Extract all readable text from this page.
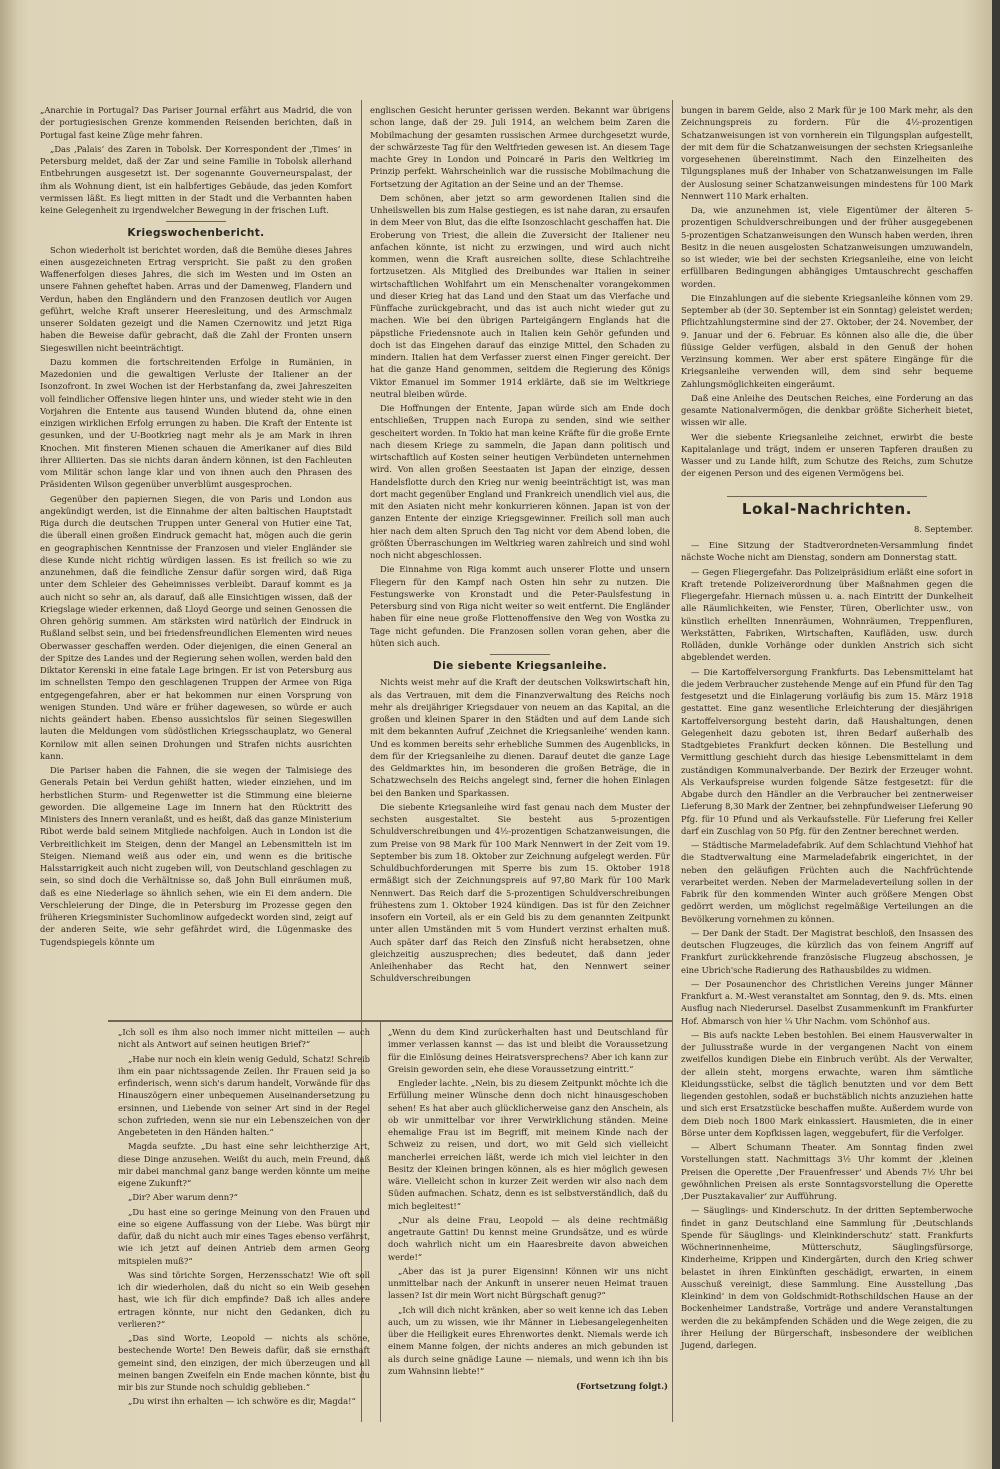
„Anarchie in Portugal? Das Pariser Journal erfährt aus Madrid, die von der portugiesischen Grenze kommenden Reisenden berichten, daß in Portugal fast keine Züge mehr fahren.

„Das ‚Palais‘ des Zaren in Tobolsk. Der Korrespondent der ‚Times‘ in Petersburg meldet, daß der Zar und seine Familie in Tobolsk allerhand Entbehrungen ausgesetzt ist. Der sogenannte Gouverneurspalast, der ihm als Wohnung dient, ist ein halbfertiges Gebäude, das jeden Komfort vermissen läßt. Es liegt mitten in der Stadt und die Verbannten haben keine Gelegenheit zu irgendwelcher Bewegung in der frischen Luft.

Kriegswochenbericht.

Schon wiederholt ist berichtet worden, daß die Bemühe dieses Jahres einen ausgezeichneten Ertrag verspricht. Sie paßt zu den großen Waffenerfolgen dieses Jahres, die sich im Westen und im Osten an unsere Fahnen geheftet haben. Arras und der Damenweg, Flandern und Verdun, haben den Engländern und den Franzosen deutlich vor Augen geführt, welche Kraft unserer Heeresleitung, und des Armschmalz unserer Soldaten gezeigt und die Namen Czernowitz und jetzt Riga haben die Beweise dafür gebracht, daß die Zahl der Fronten unsern Siegeswillen nicht beeinträchtigt.

Dazu kommen die fortschreitenden Erfolge in Rumänien, in Mazedonien und die gewaltigen Verluste der Italiener an der Isonzofront. In zwei Wochen ist der Herbstanfang da, zwei Jahreszeiten voll feindlicher Offensive liegen hinter uns, und wieder steht wie in den Vorjahren die Entente aus tausend Wunden blutend da, ohne einen einzigen wirklichen Erfolg errungen zu haben. Die Kraft der Entente ist gesunken, und der U-Bootkrieg nagt mehr als je am Mark in ihren Knochen. Mit finsteren Mienen schauen die Amerikaner auf dies Bild ihrer Alliierten. Das sie nichts daran ändern können, ist den Fachleuten vom Militär schon lange klar und von ihnen auch den Phrasen des Präsidenten Wilson gegenüber unverblümt ausgesprochen.

Gegenüber den papiernen Siegen, die von Paris und London aus angekündigt werden, ist die Einnahme der alten baltischen Hauptstadt Riga durch die deutschen Truppen unter General von Hutier eine Tat, die überall einen großen Eindruck gemacht hat, mögen auch die gerin en geographischen Kenntnisse der Franzosen und vieler Engländer sie diese Kunde nicht richtig würdigen lassen. Es ist freilich so wie zu anzunehmen, daß die feindliche Zensur dafür sorgen wird, daß Riga unter dem Schleier des Geheimnisses verbleibt. Darauf kommt es ja auch nicht so sehr an, als darauf, daß alle Einsichtigen wissen, daß der Kriegslage wieder erkennen, daß Lloyd George und seinen Genossen die Ohren gehörig summen. Am stärksten wird natürlich der Eindruck in Rußland selbst sein, und bei friedensfreundlichen Elementen wird neues Oberwasser geschaffen werden. Oder diejenigen, die einen General an der Spitze des Landes und der Regierung sehen wollen, werden bald den Diktator Kerenski in eine fatale Lage bringen. Er ist von Petersburg aus im schnellsten Tempo den geschlagenen Truppen der Armee von Riga entgegengefahren, aber er hat bekommen nur einen Vorsprung von wenigen Stunden. Und wäre er früher dagewesen, so würde er auch nichts geändert haben. Ebenso aussichtslos für seinen Siegeswillen lauten die Meldungen vom südöstlichen Kriegsschauplatz, wo General Kornilow mit allen seinen Drohungen und Strafen nichts ausrichten kann.

Die Pariser haben die Fahnen, die sie wegen der Talmisiege des Generals Petain bei Verdun gehißt hatten, wieder einziehen, und im herbstlichen Sturm- und Regenwetter ist die Stimmung eine bleierne geworden. Die allgemeine Lage im Innern hat den Rücktritt des Ministers des Innern veranlaßt, und es heißt, daß das ganze Ministerium Ribot werde bald seinem Mitgliede nachfolgen. Auch in London ist die Verbreitlichkeit im Steigen, denn der Mangel an Lebensmitteln ist im Steigen. Niemand weiß aus oder ein, und wenn es die britische Halsstarrigkeit auch nicht zugeben will, von Deutschland geschlagen zu sein, so sind doch die Verhältnisse so, daß John Bull einräumen muß, daß es eine Niederlage so ähnlich sehen, wie ein Ei dem andern. Die Verschleierung der Dinge, die in Petersburg im Prozesse gegen den früheren Kriegsminister Suchomlinow aufgedeckt worden sind, zeigt auf der anderen Seite, wie sehr gefährdet wird, die Lügenmaske des Tugendspiegels könnte um

englischen Gesicht herunter gerissen werden. Bekannt war übrigens schon lange, daß der 29. Juli 1914, an welchem beim Zaren die Mobilmachung der gesamten russischen Armee durchgesetzt wurde, der schwärzeste Tag für den Weltfrieden gewesen ist. An diesem Tage machte Grey in London und Poincaré in Paris den Weltkrieg im Prinzip perfekt. Wahrscheinlich war die russische Mobilmachung die Fortsetzung der Agitation an der Seine und an der Themse.

Dem schönen, aber jetzt so arm gewordenen Italien sind die Unheilswellen bis zum Halse gestiegen, es ist nahe daran, zu ersaufen in dem Meer von Blut, das die elfte Isonzoschlacht geschaffen hat. Die Eroberung von Triest, die allein die Zuversicht der Italiener neu anfachen könnte, ist nicht zu erzwingen, und wird auch nicht kommen, wenn die Kraft ausreichen sollte, diese Schlachtreihe fortzusetzen. Als Mitglied des Dreibundes war Italien in seiner wirtschaftlichen Wohlfahrt um ein Menschenalter vorangekommen und dieser Krieg hat das Land und den Staat um das Vierfache und Fünffache zurückgebracht, und das ist auch nicht wieder gut zu machen. Wie bei den übrigen Parteigängern Englands hat die päpstliche Friedensnote auch in Italien kein Gehör gefunden und doch ist das Eingehen darauf das einzige Mittel, den Schaden zu mindern. Italien hat dem Verfasser zuerst einen Finger gereicht. Der hat die ganze Hand genommen, seitdem die Regierung des Königs Viktor Emanuel im Sommer 1914 erklärte, daß sie im Weltkriege neutral bleiben würde.

Die Hoffnungen der Entente, Japan würde sich am Ende doch entschließen, Truppen nach Europa zu senden, sind wie seither gescheitert worden. In Tokio hat man keine Kräfte für die große Ernte nach diesem Kriege zu sammeln, die Japan dann politisch und wirtschaftlich auf Kosten seiner heutigen Verbündeten unternehmen wird. Von allen großen Seestaaten ist Japan der einzige, dessen Handelsflotte durch den Krieg nur wenig beeinträchtigt ist, was man dort macht gegenüber England und Frankreich unendlich viel aus, die mit den Asiaten nicht mehr konkurrieren können. Japan ist von der ganzen Entente der einzige Kriegsgewinner. Freilich soll man auch hier nach dem alten Spruch den Tag nicht vor dem Abend loben, die größten Überraschungen im Weltkrieg waren zahlreich und sind wohl noch nicht abgeschlossen.

Die Einnahme von Riga kommt auch unserer Flotte und unsern Fliegern für den Kampf nach Osten hin sehr zu nutzen. Die Festungswerke von Kronstadt und die Peter-Paulsfestung in Petersburg sind von Riga nicht weiter so weit entfernt. Die Engländer haben für eine neue große Flottenoffensive den Weg von Wostka zu Tage nicht gefunden. Die Franzosen sollen voran gehen, aber die hüten sich auch.

Die siebente Kriegsanleihe.

Nichts weist mehr auf die Kraft der deutschen Volkswirtschaft hin, als das Vertrauen, mit dem die Finanzverwaltung des Reichs noch mehr als dreijähriger Kriegsdauer von neuem an das Kapital, an die großen und kleinen Sparer in den Städten und auf dem Lande sich mit dem bekannten Aufruf ‚Zeichnet die Kriegsanleihe‘ wenden kann. Und es kommen bereits sehr erhebliche Summen des Augenblicks, in dem für der Kriegsanleihe zu dienen. Darauf deutet die ganze Lage des Geldmarktes hin, im besonderen die großen Beträge, die in Schatzwechseln des Reichs angelegt sind, ferner die hohen Einlagen bei den Banken und Sparkassen.

Die siebente Kriegsanleihe wird fast genau nach dem Muster der sechsten ausgestaltet. Sie besteht aus 5-prozentigen Schuldverschreibungen und 4½-prozentigen Schatzanweisungen, die zum Preise von 98 Mark für 100 Mark Nennwert in der Zeit vom 19. September bis zum 18. Oktober zur Zeichnung aufgelegt werden. Für Schuldbuchforderungen mit Sperre bis zum 15. Oktober 1918 ermäßigt sich der Zeichnungspreis auf 97,80 Mark für 100 Mark Nennwert. Das Reich darf die 5-prozentigen Schuldverschreibungen frühestens zum 1. Oktober 1924 kündigen. Das ist für den Zeichner insofern ein Vorteil, als er ein Geld bis zu dem genannten Zeitpunkt unter allen Umständen mit 5 vom Hundert verzinst erhalten muß. Auch später darf das Reich den Zinsfuß nicht herabsetzen, ohne gleichzeitig auszusprechen; dies bedeutet, daß dann jeder Anleihenhaber das Recht hat, den Nennwert seiner Schuldverschreibungen

bungen in barem Gelde, also 2 Mark für je 100 Mark mehr, als den Zeichnungspreis zu fordern. Für die 4½-prozentigen Schatzanweisungen ist von vornherein ein Tilgungsplan aufgestellt, der mit dem für die Schatzanweisungen der sechsten Kriegsanleihe vorgesehenen übereinstimmt. Nach den Einzelheiten des Tilgungsplanes muß der Inhaber von Schatzanweisungen im Falle der Auslosung seiner Schatzanweisungen mindestens für 100 Mark Nennwert 110 Mark erhalten.

Da, wie anzunehmen ist, viele Eigentümer der älteren 5-prozentigen Schuldverschreibungen und der früher ausgegebenen 5-prozentigen Schatzanweisungen den Wunsch haben werden, ihren Besitz in die neuen ausgelosten Schatzanweisungen umzuwandeln, so ist wieder, wie bei der sechsten Kriegsanleihe, eine von leicht erfüllbaren Bedingungen abhängiges Umtauschrecht geschaffen worden.

Die Einzahlungen auf die siebente Kriegsanleihe können vom 29. September ab (der 30. September ist ein Sonntag) geleistet werden; Pflichtzahlungstermine sind der 27. Oktober, der 24. November, der 9. Januar und der 6. Februar. Es können also alle die, die über flüssige Gelder verfügen, alsbald in den Genuß der hohen Verzinsung kommen. Wer aber erst spätere Eingänge für die Kriegsanleihe verwenden will, dem sind sehr bequeme Zahlungsmöglichkeiten eingeräumt.

Daß eine Anleihe des Deutschen Reiches, eine Forderung an das gesamte Nationalvermögen, die denkbar größte Sicherheit bietet, wissen wir alle.

Wer die siebente Kriegsanleihe zeichnet, erwirbt die beste Kapitalanlage und trägt, indem er unseren Tapferen draußen zu Wasser und zu Lande hilft, zum Schutze des Reichs, zum Schutze der eigenen Person und des eigenen Vermögens bei.

Lokal-Nachrichten.
8. September.

— Eine Sitzung der Stadtverordneten-Versammlung findet nächste Woche nicht am Dienstag, sondern am Donnerstag statt.

— Gegen Fliegergefahr. Das Polizeipräsidium erläßt eine sofort in Kraft tretende Polizeiverordnung über Maßnahmen gegen die Fliegergefahr. Hiernach müssen u. a. nach Eintritt der Dunkelheit alle Räumlichkeiten, wie Fenster, Türen, Oberlichter usw., von künstlich erhellten Innenräumen, Wohnräumen, Treppenfluren, Werkstätten, Fabriken, Wirtschaften, Kaufläden, usw. durch Rolläden, dunkle Vorhänge oder dunklen Anstrich sich sicht abgeblendet werden.

— Die Kartoffelversorgung Frankfurts. Das Lebensmittelamt hat die jedem Verbraucher zustehende Menge auf ein Pfund für den Tag festgesetzt und die Einlagerung vorläufig bis zum 15. März 1918 gestattet. Eine ganz wesentliche Erleichterung der diesjährigen Kartoffelversorgung besteht darin, daß Haushaltungen, denen Gelegenheit dazu geboten ist, ihren Bedarf außerhalb des Stadtgebietes Frankfurt decken können. Die Bestellung und Vermittlung geschieht durch das hiesige Lebensmittelamt in dem zuständigen Kommunalverbande. Der Bezirk der Erzeuger wohnt. Als Verkaufspreise wurden folgende Sätze festgesetzt: für die Abgabe durch den Händler an die Verbraucher bei zentnerweiser Lieferung 8,30 Mark der Zentner, bei zehnpfundweiser Lieferung 90 Pfg. für 10 Pfund und als Verkaufsstelle. Für Lieferung frei Keller darf ein Zuschlag von 50 Pfg. für den Zentner berechnet werden.

— Städtische Marmeladefabrik. Auf dem Schlachtund Viehhof hat die Stadtverwaltung eine Marmeladefabrik eingerichtet, in der neben den geläufigen Früchten auch die Nachfrüchtende verarbeitet werden. Neben der Marmeladeverteilung sollen in der Fabrik für den kommenden Winter auch größere Mengen Obst gedörrt werden, um möglichst regelmäßige Verteilungen an die Bevölkerung vornehmen zu können.

— Der Dank der Stadt. Der Magistrat beschloß, den Insassen des deutschen Flugzeuges, die kürzlich das von feinem Angriff auf Frankfurt zurückkehrende französische Flugzeug abschossen, je eine Ubrich'sche Radierung des Rathausbildes zu widmen.

— Der Posaunenchor des Christlichen Vereins junger Männer Frankfurt a. M.-West veranstaltet am Sonntag, den 9. ds. Mts. einen Ausflug nach Niederursel. Daselbst Zusammenkunft im Frankfurter Hof. Abmarsch von hier ¼ Uhr Nachm. vom Schönhof aus.

— Bis aufs nackte Leben bestohlen. Bei einem Hausverwalter in der Juliusstraße wurde in der vergangenen Nacht von einem zweifellos kundigen Diebe ein Einbruch verübt. Als der Verwalter, der allein steht, morgens erwachte, waren ihm sämtliche Kleidungsstücke, selbst die täglich benutzten und vor dem Bett liegenden gestohlen, sodaß er buchstäblich nichts anzuziehen hatte und sich erst Ersatzstücke beschaffen mußte. Außerdem wurde von dem Dieb noch 1800 Mark einkassiert. Hausmieten, die in einer Börse unter dem Kopfkissen lagen, weggebufert, für die Verfolger.

— Albert Schumann Theater. Am Sonntag finden zwei Vorstellungen statt. Nachmittags 3½ Uhr kommt der ‚kleinen Preisen die Operette ‚Der Frauenfresser‘ und Abends 7½ Uhr bei gewöhnlichen Preisen als erste Sonntagsvorstellung die Operette ‚Der Pusztakavalier‘ zur Aufführung.

— Säuglings- und Kinderschutz. In der dritten Septemberwoche findet in ganz Deutschland eine Sammlung für ‚Deutschlands Spende für Säuglings- und Kleinkinderschutz‘ statt. Frankfurts Wöchnerinnenheime, Mütterschutz, Säuglingsfürsorge, Kinderheime, Krippen und Kindergärten, durch den Krieg schwer belastet in ihren Einkünften geschädigt, erwarten, in einem Ausschuß vereinigt, diese Sammlung. Eine Ausstellung ‚Das Kleinkind‘ in dem von Goldschmidt-Rothschildschen Hause an der Bockenheimer Landstraße, Vorträge und andere Veranstaltungen werden die zu bekämpfenden Schäden und die Wege zeigen, die zu ihrer Heilung der Bürgerschaft, insbesondere der weiblichen Jugend, darlegen.

„Ich soll es ihm also noch immer nicht mitteilen — auch nicht als Antwort auf seinen heutigen Brief?“

„Habe nur noch ein klein wenig Geduld, Schatz! Schreib ihm ein paar nichtssagende Zeilen. Ihr Frauen seid ja so erfinderisch, wenn sich's darum handelt, Vorwände für das Hinauszögern einer unbequemen Auseinandersetzung zu ersinnen, und Liebende von seiner Art sind in der Regel schon zufrieden, wenn sie nur ein Lebenszeichen von der Angebeteten in den Händen halten.“

Magda seufzte. „Du hast eine sehr leichtherzige Art, diese Dinge anzusehen. Weißt du auch, mein Freund, daß mir dabei manchmal ganz bange werden könnte um meine eigene Zukunft?“

„Dir? Aber warum denn?“

„Du hast eine so geringe Meinung von den Frauen und eine so eigene Auffassung von der Liebe. Was bürgt mir dafür, daß du nicht auch mir eines Tages ebenso verfährst, wie ich jetzt auf deinen Antrieb dem armen Georg mitspielen muß?“

Was sind törichte Sorgen, Herzensschatz! Wie oft soll ich dir wiederholen, daß du nicht so ein Weib gesehen hast, wie ich für dich empfinde? Daß ich alles andere ertragen könnte, nur nicht den Gedanken, dich zu verlieren?“

„Das sind Worte, Leopold — nichts als schöne, bestechende Worte! Den Beweis dafür, daß sie ernsthaft gemeint sind, den einzigen, der mich überzeugen und all meinen bangen Zweifeln ein Ende machen könnte, bist du mir bis zur Stunde noch schuldig geblieben.“

„Du wirst ihn erhalten — ich schwöre es dir, Magda!“

„Wenn du dem Kind zurückerhalten hast und Deutschland für immer verlassen kannst — das ist und bleibt die Voraussetzung für die Einlösung deines Heiratsversprechens? Aber ich kann zur Greisin geworden sein, ehe diese Voraussetzung eintritt.“

Engleder lachte. „Nein, bis zu diesem Zeitpunkt möchte ich die Erfüllung meiner Wünsche denn doch nicht hinausgeschoben sehen! Es hat aber auch glücklicherweise ganz den Anschein, als ob wir unmittelbar vor ihrer Verwirklichung ständen. Meine ehemalige Frau ist im Begriff, mit meinem Kinde nach der Schweiz zu reisen, und dort, wo mit Geld sich vielleicht mancherlei erreichen läßt, werde ich mich viel leichter in den Besitz der Kleinen bringen können, als es hier möglich gewesen wäre. Vielleicht schon in kurzer Zeit werden wir also nach dem Süden aufmachen. Schatz, denn es ist selbstverständlich, daß du mich begleitest!“

„Nur als deine Frau, Leopold — als deine rechtmäßig angetraute Gattin! Du kennst meine Grundsätze, und es würde doch wahrlich nicht um ein Haaresbreite davon abweichen werde!“

„Aber das ist ja purer Eigensinn! Können wir uns nicht unmittelbar nach der Ankunft in unserer neuen Heimat trauen lassen? Ist dir mein Wort nicht Bürgschaft genug?“

„Ich will dich nicht kränken, aber so weit kenne ich das Leben auch, um zu wissen, wie ihr Männer in Liebesangelegenheiten über die Heiligkeit eures Ehrenwortes denkt. Niemals werde ich einem Manne folgen, der nichts anderes an mich gebunden ist als durch seine gnädige Laune — niemals, und wenn ich ihn bis zum Wahnsinn liebte!“

(Fortsetzung folgt.)
